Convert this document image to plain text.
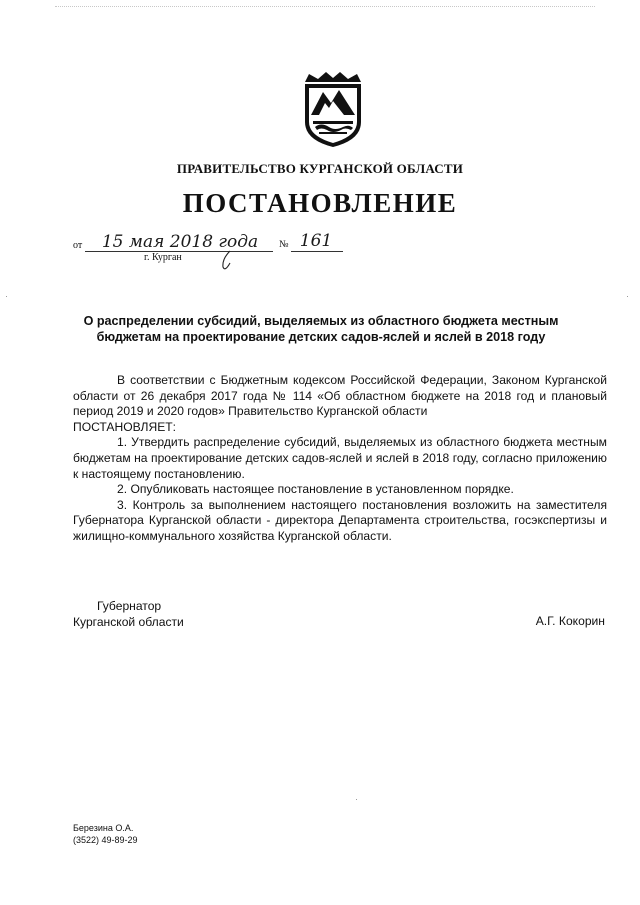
ПРАВИТЕЛЬСТВО КУРГАНСКОЙ ОБЛАСТИ
ПОСТАНОВЛЕНИЕ
от	15 мая 2018 года	№ 161
г. Курган
О распределении субсидий, выделяемых из областного бюджета местным бюджетам на проектирование детских садов-яслей и яслей в 2018 году

В соответствии с Бюджетным кодексом Российской Федерации, Законом Курганской области от 26 декабря 2017 года № 114 «Об областном бюджете на 2018 год и плановый период 2019 и 2020 годов» Правительство Курганской области

ПОСТАНОВЛЯЕТ:

1. Утвердить распределение субсидий, выделяемых из областного бюджета местным бюджетам на проектирование детских садов-яслей и яслей в 2018 году, согласно приложению к настоящему постановлению.

2. Опубликовать настоящее постановление в установленном порядке.

3. Контроль за выполнением настоящего постановления возложить на заместителя Губернатора Курганской области - директора Департамента строительства, госэкспертизы и жилищно-коммунального хозяйства Курганской области.

Губернатор
Курганской области	А.Г. Кокорин
Березина О.А.
(3522) 49-89-29
